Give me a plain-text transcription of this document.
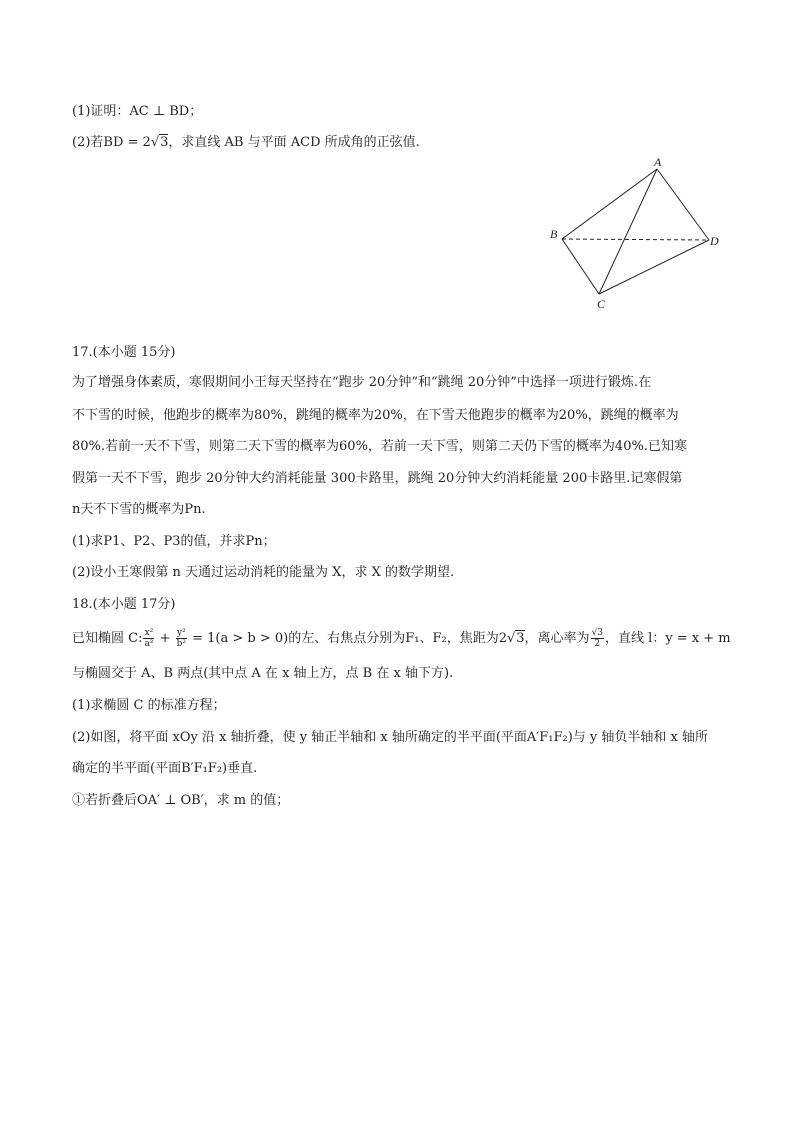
(1)证明：AC ⊥ BD；
(2)若BD = 2√3，求直线 AB 与平面 ACD 所成角的正弦值.
A
B
C
D
17.(本小题 15分)
为了增强身体素质，寒假期间小王每天坚持在“跑步 20分钟”和“跳绳 20分钟”中选择一项进行锻炼.在
不下雪的时候，他跑步的概率为80%，跳绳的概率为20%，在下雪天他跑步的概率为20%，跳绳的概率为
80%.若前一天不下雪，则第二天下雪的概率为60%，若前一天下雪，则第二天仍下雪的概率为40%.已知寒
假第一天不下雪，跑步 20分钟大约消耗能量 300卡路里，跳绳 20分钟大约消耗能量 200卡路里.记寒假第
n天不下雪的概率为Pn.
(1)求P1、P2、P3的值，并求Pn；
(2)设小王寒假第 n 天通过运动消耗的能量为 X，求 X 的数学期望.
18.(本小题 17分)
已知椭圆 C: $\frac{\text{x²}}{\text{a²}} + \frac{\text{y²}}{\text{b²}} = 1(a > b > 0)$的左、右焦点分别为F₁、F₂，焦距为2√3，离心率为 $\frac{√3}{2}$ ，直线 l：y = x + m
与椭圆交于 A、B 两点(其中点 A 在 x 轴上方，点 B 在 x 轴下方).
(1)求椭圆 C 的标准方程；
(2)如图，将平面 xOy 沿 x 轴折叠，使 y 轴正半轴和 x 轴所确定的半平面(平面A′F₁F₂)与 y 轴负半轴和 x 轴所
确定的半平面(平面B′F₁F₂)垂直.
①若折叠后OA′ ⊥ OB′，求 m 的值；
